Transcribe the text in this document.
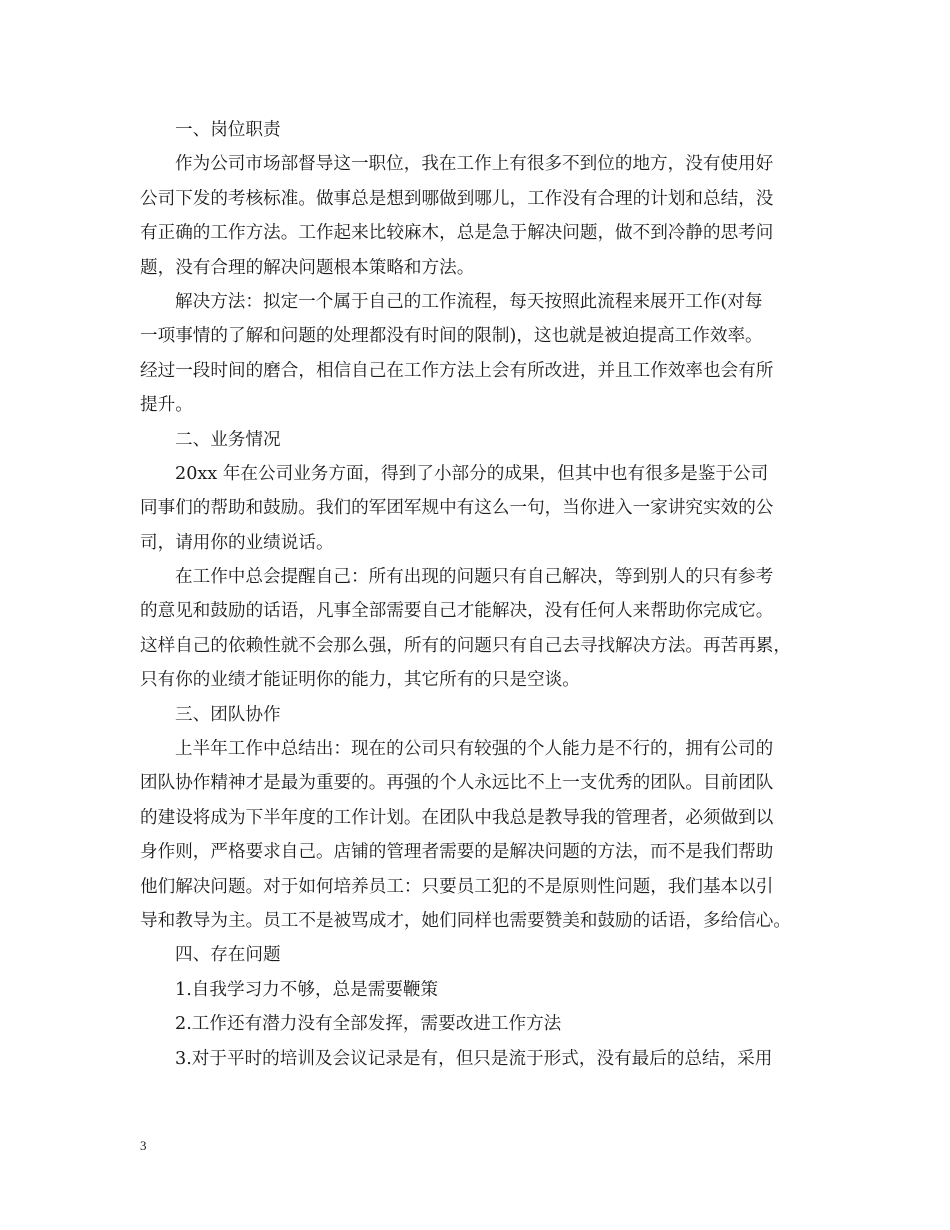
一、岗位职责
作为公司市场部督导这一职位，我在工作上有很多不到位的地方，没有使用好
公司下发的考核标准。做事总是想到哪做到哪儿，工作没有合理的计划和总结，没
有正确的工作方法。工作起来比较麻木，总是急于解决问题，做不到冷静的思考问
题，没有合理的解决问题根本策略和方法。
解决方法：拟定一个属于自己的工作流程，每天按照此流程来展开工作(对每
一项事情的了解和问题的处理都没有时间的限制)，这也就是被迫提高工作效率。
经过一段时间的磨合，相信自己在工作方法上会有所改进，并且工作效率也会有所
提升。
二、业务情况
20xx 年在公司业务方面，得到了小部分的成果，但其中也有很多是鉴于公司
同事们的帮助和鼓励。我们的军团军规中有这么一句，当你进入一家讲究实效的公
司，请用你的业绩说话。
在工作中总会提醒自己：所有出现的问题只有自己解决，等到别人的只有参考
的意见和鼓励的话语，凡事全部需要自己才能解决，没有任何人来帮助你完成它。
这样自己的依赖性就不会那么强，所有的问题只有自己去寻找解决方法。再苦再累，
只有你的业绩才能证明你的能力，其它所有的只是空谈。
三、团队协作
上半年工作中总结出：现在的公司只有较强的个人能力是不行的，拥有公司的
团队协作精神才是最为重要的。再强的个人永远比不上一支优秀的团队。目前团队
的建设将成为下半年度的工作计划。在团队中我总是教导我的管理者，必须做到以
身作则，严格要求自己。店铺的管理者需要的是解决问题的方法，而不是我们帮助
他们解决问题。对于如何培养员工：只要员工犯的不是原则性问题，我们基本以引
导和教导为主。员工不是被骂成才，她们同样也需要赞美和鼓励的话语，多给信心。
四、存在问题
1.自我学习力不够，总是需要鞭策
2.工作还有潜力没有全部发挥，需要改进工作方法
3.对于平时的培训及会议记录是有，但只是流于形式，没有最后的总结，采用
3
